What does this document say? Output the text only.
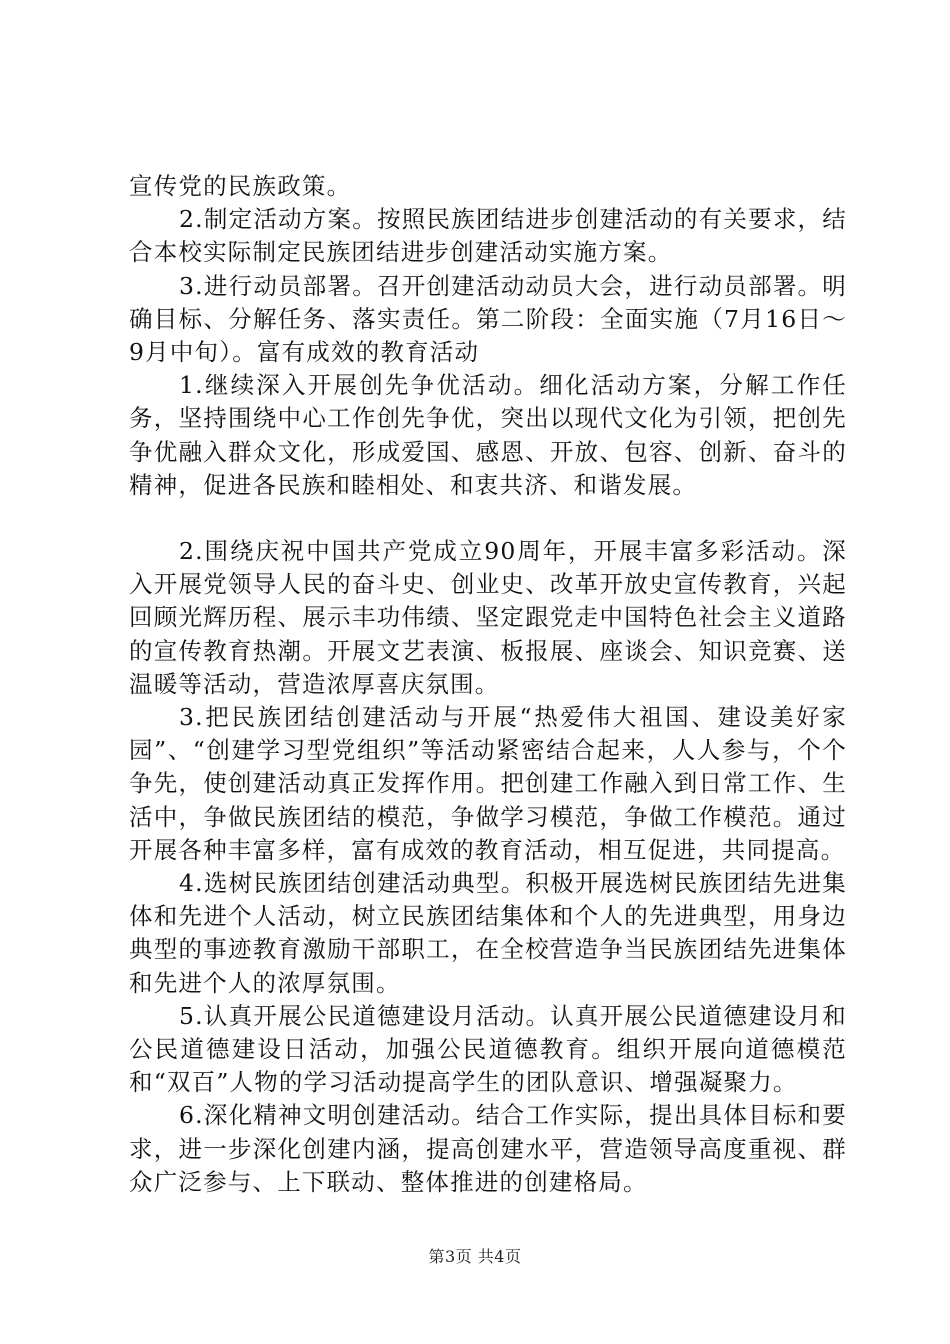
宣传党的民族政策。

2.制定活动方案。按照民族团结进步创建活动的有关要求，结合本校实际制定民族团结进步创建活动实施方案。

3.进行动员部署。召开创建活动动员大会，进行动员部署。明确目标、分解任务、落实责任。第二阶段：全面实施（7月16日～9月中旬）。富有成效的教育活动

1.继续深入开展创先争优活动。细化活动方案，分解工作任务，坚持围绕中心工作创先争优，突出以现代文化为引领，把创先争优融入群众文化，形成爱国、感恩、开放、包容、创新、奋斗的精神，促进各民族和睦相处、和衷共济、和谐发展。

2.围绕庆祝中国共产党成立90周年，开展丰富多彩活动。深入开展党领导人民的奋斗史、创业史、改革开放史宣传教育，兴起回顾光辉历程、展示丰功伟绩、坚定跟党走中国特色社会主义道路的宣传教育热潮。开展文艺表演、板报展、座谈会、知识竞赛、送温暖等活动，营造浓厚喜庆氛围。

3.把民族团结创建活动与开展“热爱伟大祖国、建设美好家园”、“创建学习型党组织”等活动紧密结合起来，人人参与，个个争先，使创建活动真正发挥作用。把创建工作融入到日常工作、生活中，争做民族团结的模范，争做学习模范，争做工作模范。通过开展各种丰富多样，富有成效的教育活动，相互促进，共同提高。

4.选树民族团结创建活动典型。积极开展选树民族团结先进集体和先进个人活动，树立民族团结集体和个人的先进典型，用身边典型的事迹教育激励干部职工，在全校营造争当民族团结先进集体和先进个人的浓厚氛围。

5.认真开展公民道德建设月活动。认真开展公民道德建设月和公民道德建设日活动，加强公民道德教育。组织开展向道德模范和“双百”人物的学习活动提高学生的团队意识、增强凝聚力。

6.深化精神文明创建活动。结合工作实际，提出具体目标和要求，进一步深化创建内涵，提高创建水平，营造领导高度重视、群众广泛参与、上下联动、整体推进的创建格局。

第3页 共4页
